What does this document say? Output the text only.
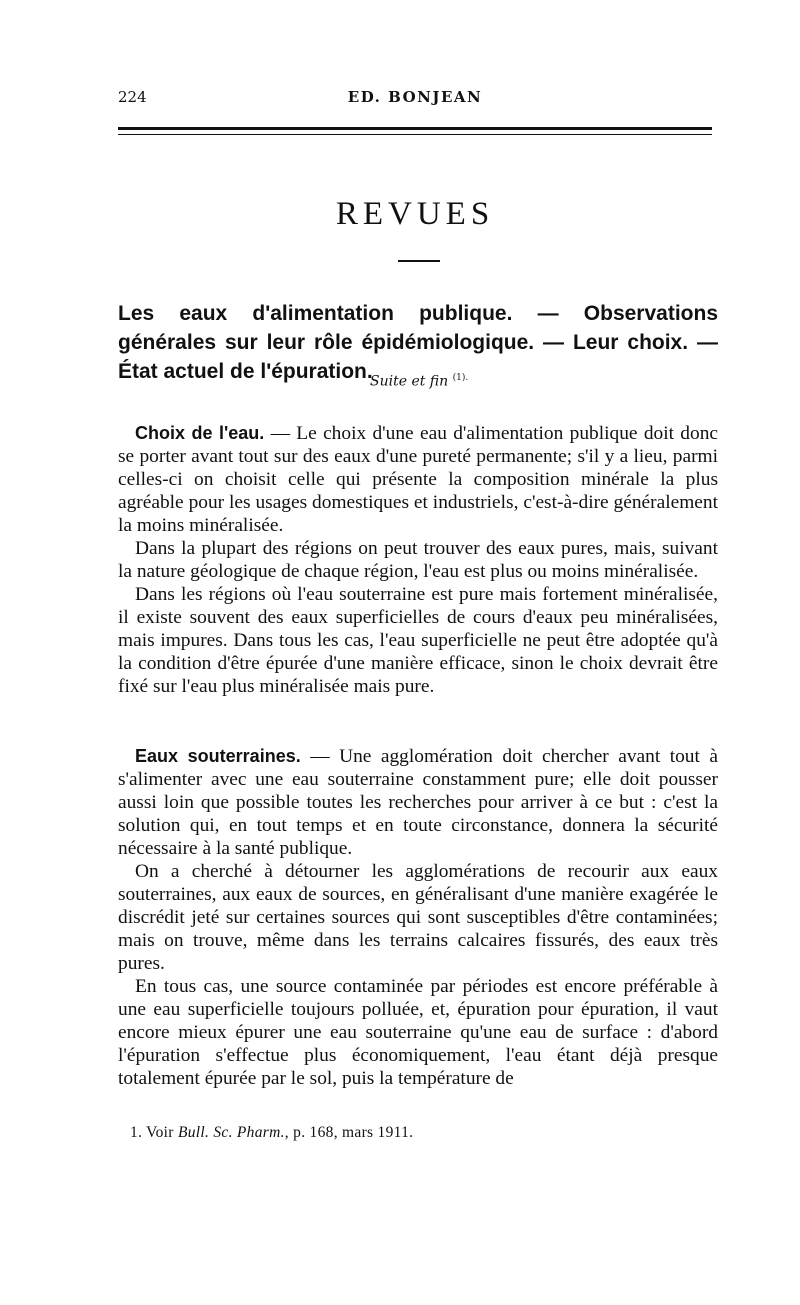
224	ED. BONJEAN
REVUES
Les eaux d'alimentation publique. — Observations générales sur leur rôle épidémiologique. — Leur choix. — État actuel de l'épuration.
Suite et fin $^{(1).}$

Choix de l'eau. — Le choix d'une eau d'alimentation publique doit donc se porter avant tout sur des eaux d'une pureté permanente; s'il y a lieu, parmi celles-ci on choisit celle qui présente la composition minérale la plus agréable pour les usages domestiques et industriels, c'est-à-dire généralement la moins minéralisée.

Dans la plupart des régions on peut trouver des eaux pures, mais, suivant la nature géologique de chaque région, l'eau est plus ou moins minéralisée.

Dans les régions où l'eau souterraine est pure mais fortement minéralisée, il existe souvent des eaux superficielles de cours d'eaux peu minéralisées, mais impures. Dans tous les cas, l'eau superficielle ne peut être adoptée qu'à la condition d'être épurée d'une manière efficace, sinon le choix devrait être fixé sur l'eau plus minéralisée mais pure.

Eaux souterraines. — Une agglomération doit chercher avant tout à s'alimenter avec une eau souterraine constamment pure; elle doit pousser aussi loin que possible toutes les recherches pour arriver à ce but : c'est la solution qui, en tout temps et en toute circonstance, donnera la sécurité nécessaire à la santé publique.

On a cherché à détourner les agglomérations de recourir aux eaux souterraines, aux eaux de sources, en généralisant d'une manière exagérée le discrédit jeté sur certaines sources qui sont susceptibles d'être contaminées; mais on trouve, même dans les terrains calcaires fissurés, des eaux très pures.

En tous cas, une source contaminée par périodes est encore préférable à une eau superficielle toujours polluée, et, épuration pour épuration, il vaut encore mieux épurer une eau souterraine qu'une eau de surface : d'abord l'épuration s'effectue plus économiquement, l'eau étant déjà presque totalement épurée par le sol, puis la température de

1. Voir Bull. Sc. Pharm., p. 168, mars 1911.
